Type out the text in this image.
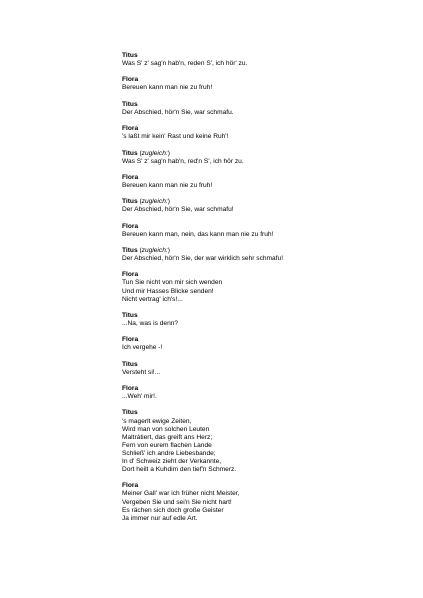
Titus
Was S' z' sag'n hab'n, reden S', ich hör' zu.
Flora
Bereuen kann man nie zu fruh!
Titus
Der Abschied, hör'n Sie, war schmafu.
Flora
's laßt mir kein' Rast und keine Ruh'!
Titus (zugleich:)
Was S' z' sag'n hab'n, red'n S', ich hör zu.
Flora
Bereuen kann man nie zu fruh!
Titus (zugleich:)
Der Abschied, hör'n Sie, war schmafu!
Flora
Bereuen kann man, nein, das kann man nie zu fruh!
Titus (zugleich:)
Der Abschied, hör'n Sie, der war wirklich sehr schmafu!
Flora
Tun Sie nicht von mir sich wenden
Und mir Hasses Blicke senden!
Nicht vertrag' ich's!...
Titus
...Na, was is denn?
Flora
Ich vergehe -!
Titus
Versteht si!...
Flora
...Weh' mir!.
Titus
's magerlt ewige Zeiten,
Wird man von solchen Leuten
Maltrátiert, das greift ans Herz;
Fern von eurem flachen Lande
Schließ' ich andre Liebesbande;
In d' Schweiz zieht der Verkannte,
Dort heilt a Kuhdim den tief'n Schmerz.
Flora
Meiner Gall' war ich früher nicht Meister,
Vergeben Sie und sei'n Sie nicht hart!
Es rächen sich doch große Geister
Ja immer nur auf edle Art.
